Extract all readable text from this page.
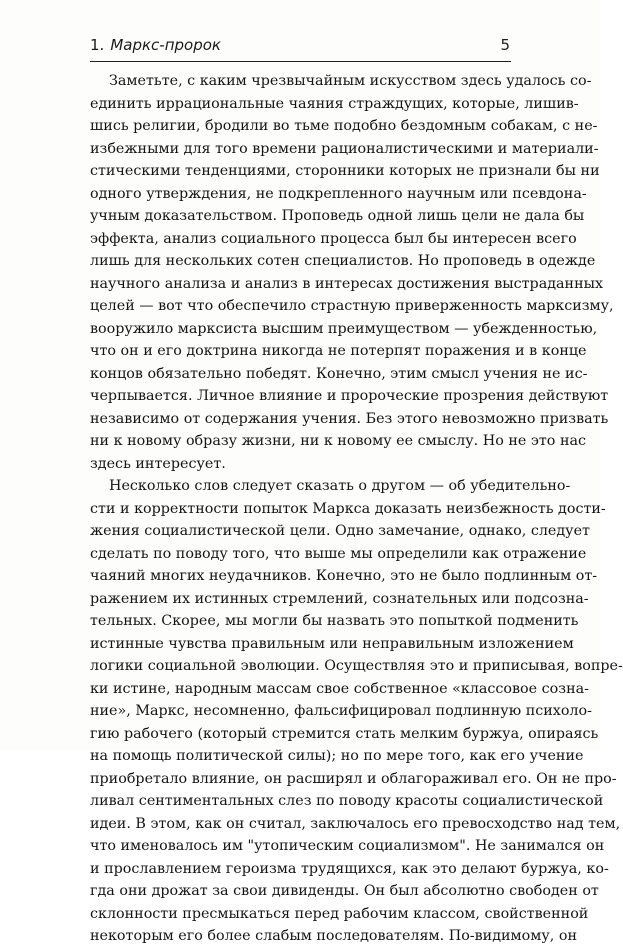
1. Маркс-пророк	5
Заметьте, с каким чрезвычайным искусством здесь удалось со-
единить иррациональные чаяния страждущих, которые, лишив-
шись религии, бродили во тьме подобно бездомным собакам, с не-
избежными для того времени рационалистическими и материали-
стическими тенденциями, сторонники которых не признали бы ни
одного утверждения, не подкрепленного научным или псевдона-
учным доказательством. Проповедь одной лишь цели не дала бы
эффекта, анализ социального процесса был бы интересен всего
лишь для нескольких сотен специалистов. Но проповедь в одежде
научного анализа и анализ в интересах достижения выстраданных
целей — вот что обеспечило страстную приверженность марксизму,
вооружило марксиста высшим преимуществом — убежденностью,
что он и его доктрина никогда не потерпят поражения и в конце
концов обязательно победят. Конечно, этим смысл учения не ис-
черпывается. Личное влияние и пророческие прозрения действуют
независимо от содержания учения. Без этого невозможно призвать
ни к новому образу жизни, ни к новому ее смыслу. Но не это нас
здесь интересует.
Несколько слов следует сказать о другом — об убедительно-
сти и корректности попыток Маркса доказать неизбежность дости-
жения социалистической цели. Одно замечание, однако, следует
сделать по поводу того, что выше мы определили как отражение
чаяний многих неудачников. Конечно, это не было подлинным от-
ражением их истинных стремлений, сознательных или подсозна-
тельных. Скорее, мы могли бы назвать это попыткой подменить
истинные чувства правильным или неправильным изложением
логики социальной эволюции. Осуществляя это и приписывая, вопре-
ки истине, народным массам свое собственное «классовое созна-
ние», Маркс, несомненно, фальсифицировал подлинную психоло-
гию рабочего (который стремится стать мелким буржуа, опираясь
на помощь политической силы); но по мере того, как его учение
приобретало влияние, он расширял и облагораживал его. Он не про-
ливал сентиментальных слез по поводу красоты социалистической
идеи. В этом, как он считал, заключалось его превосходство над тем,
что именовалось им "утопическим социализмом". Не занимался он
и прославлением героизма трудящихся, как это делают буржуа, ко-
гда они дрожат за свои дивиденды. Он был абсолютно свободен от
склонности пресмыкаться перед рабочим классом, свойственной
некоторым его более слабым последователям. По-видимому, он
